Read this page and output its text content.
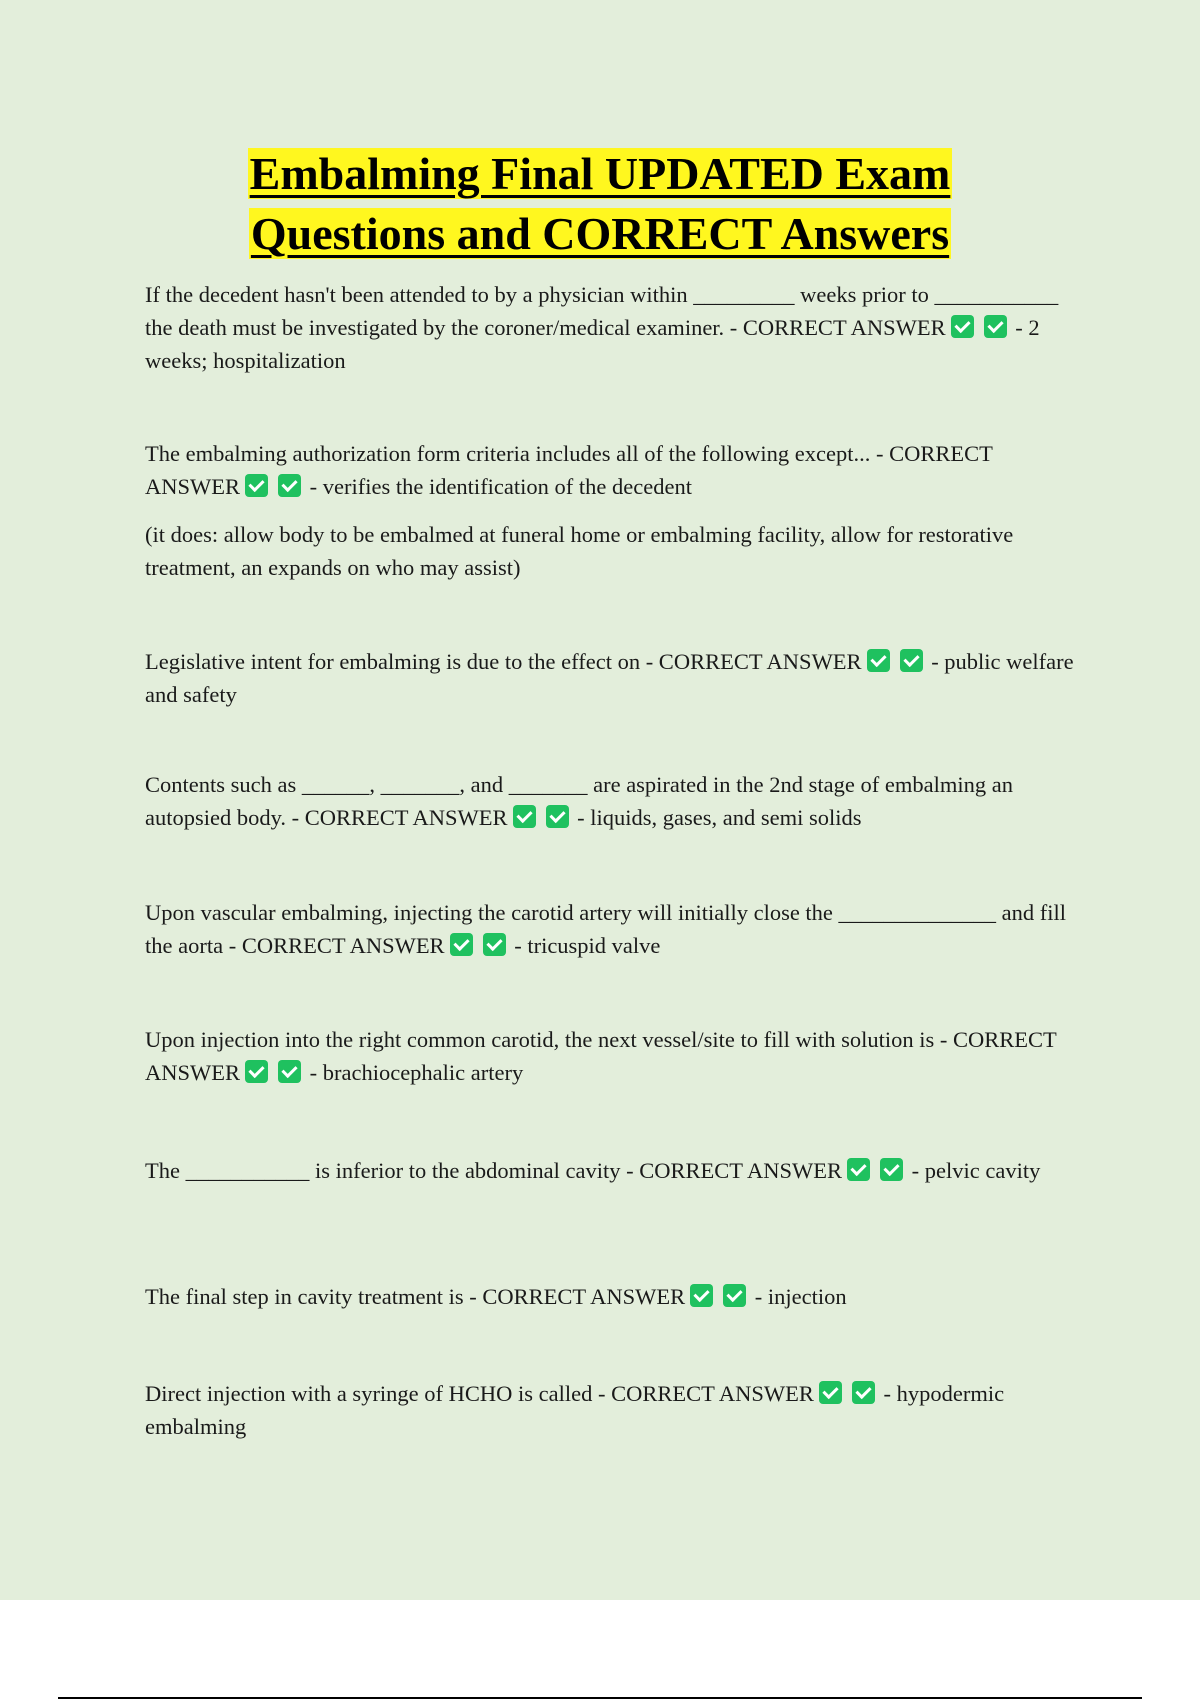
Embalming Final UPDATED Exam
Questions and CORRECT Answers

If the decedent hasn't been attended to by a physician within _________ weeks prior to ___________ the death must be investigated by the coroner/medical examiner. - CORRECT ANSWER	- 2 weeks; hospitalization

The embalming authorization form criteria includes all of the following except... - CORRECT ANSWER	- verifies the identification of the decedent

(it does: allow body to be embalmed at funeral home or embalming facility, allow for restorative treatment, an expands on who may assist)

Legislative intent for embalming is due to the effect on - CORRECT ANSWER	- public welfare and safety

Contents such as ______, _______, and _______ are aspirated in the 2nd stage of embalming an autopsied body. - CORRECT ANSWER	- liquids, gases, and semi solids

Upon vascular embalming, injecting the carotid artery will initially close the ______________ and fill the aorta - CORRECT ANSWER	- tricuspid valve

Upon injection into the right common carotid, the next vessel/site to fill with solution is - CORRECT ANSWER	- brachiocephalic artery

The ___________ is inferior to the abdominal cavity - CORRECT ANSWER	- pelvic cavity

The final step in cavity treatment is - CORRECT ANSWER	- injection

Direct injection with a syringe of HCHO is called - CORRECT ANSWER	- hypodermic embalming
